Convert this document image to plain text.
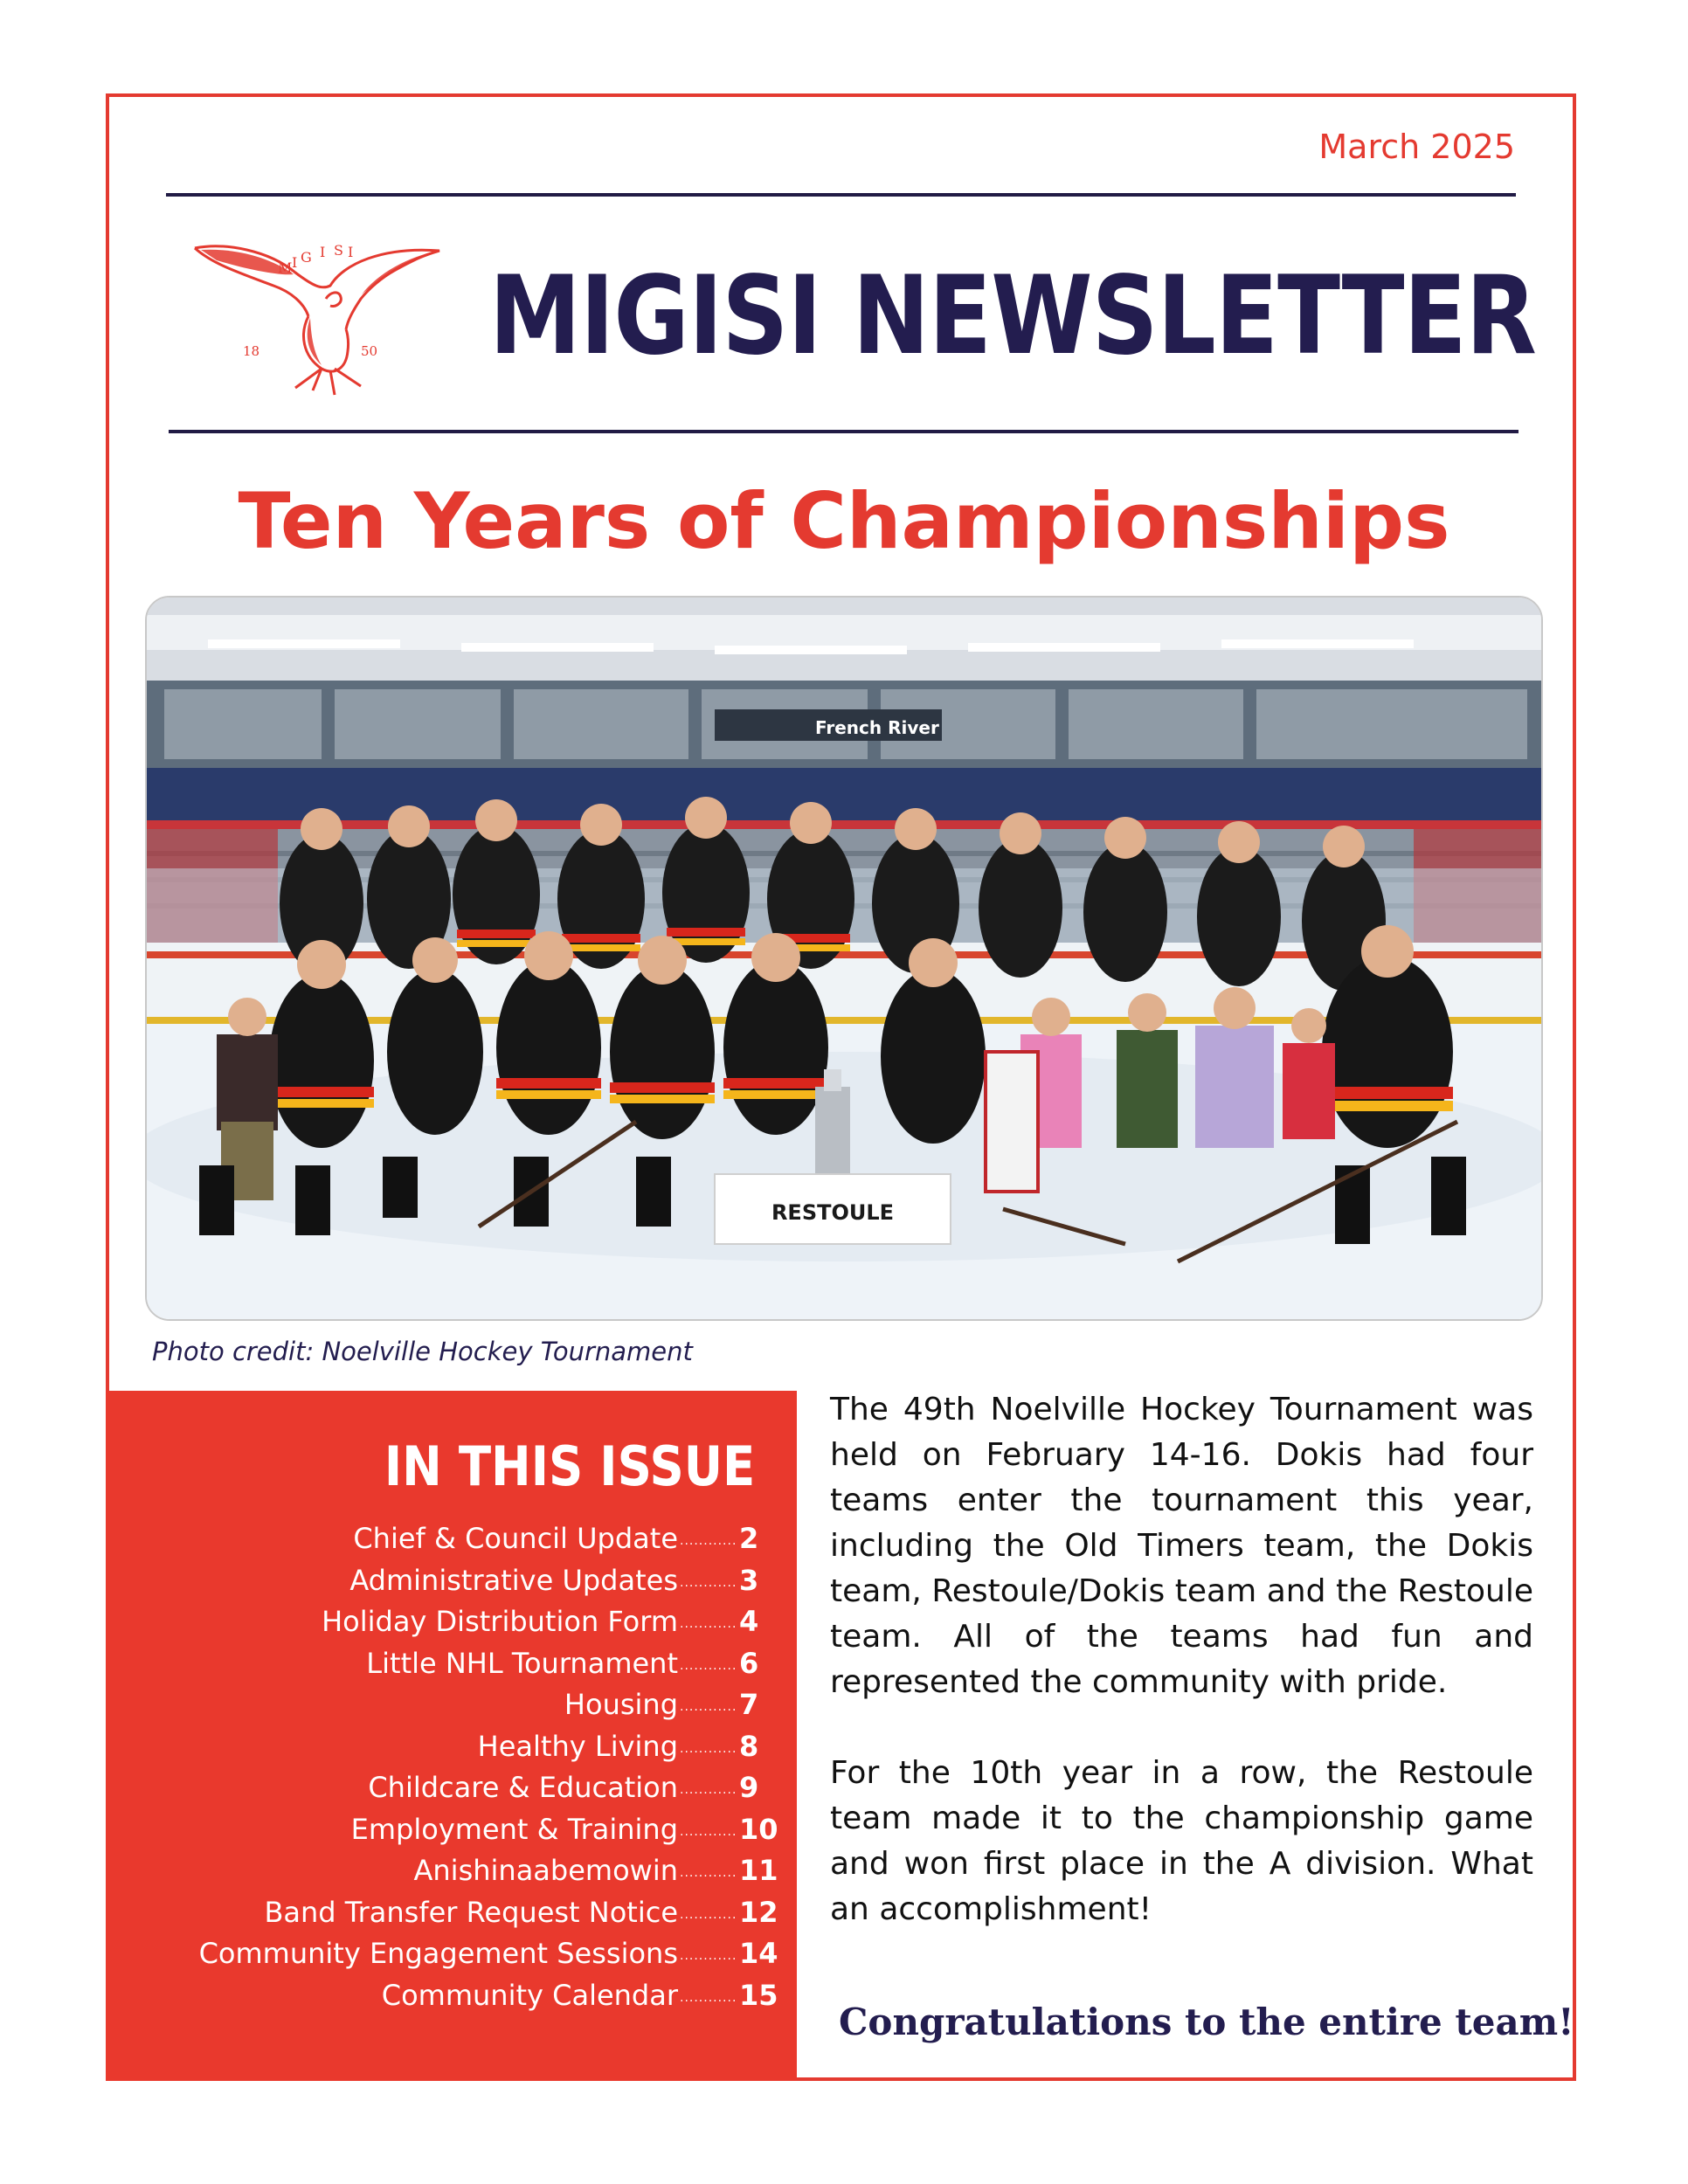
March 2025
M I G I S I
18	50 MIGISI NEWSLETTER
Ten Years of Championships
French River
RESTOULE
Photo credit: Noelville Hockey Tournament
IN THIS ISSUE
Chief & Council Update ............ 2
Administrative Updates ............ 3
Holiday Distribution Form ............ 4
Little NHL Tournament ............ 6
Housing ............ 7
Healthy Living ............ 8
Childcare & Education ............ 9
Employment & Training ............ 10
Anishinaabemowin ............ 11
Band Transfer Request Notice ............ 12
Community Engagement Sessions ............ 14
Community Calendar ............ 15

The 49th Noelville Hockey Tournament was held on February 14-16. Dokis had four teams enter the tournament this year, including the Old Timers team, the Dokis team, Restoule/Dokis team and the Restoule team. All of the teams had fun and represented the community with pride.

For the 10th year in a row, the Restoule team made it to the championship game and won first place in the A division. What an accomplishment!

Congratulations to the entire team!
